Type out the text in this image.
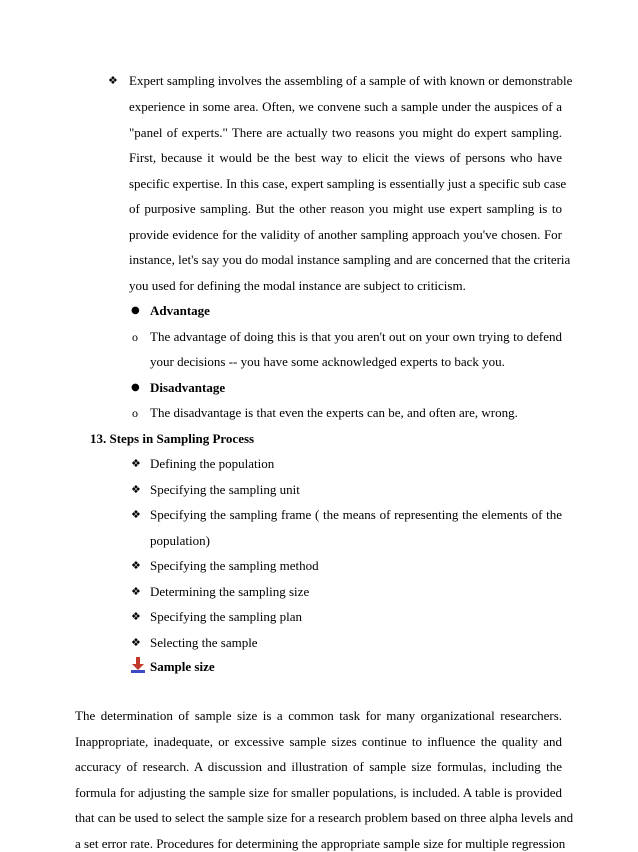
❖ Expert sampling involves the assembling of a sample of with known or demonstrable
experience in some area. Often, we convene such a sample under the auspices of a
"panel of experts." There are actually two reasons you might do expert sampling.
First, because it would be the best way to elicit the views of persons who have
specific expertise. In this case, expert sampling is essentially just a specific sub case
of purposive sampling. But the other reason you might use expert sampling is to
provide evidence for the validity of another sampling approach you've chosen. For
instance, let's say you do modal instance sampling and are concerned that the criteria
you used for defining the modal instance are subject to criticism.
● Advantage
o The advantage of doing this is that you aren't out on your own trying to defend
your decisions -- you have some acknowledged experts to back you.
● Disadvantage
o The disadvantage is that even the experts can be, and often are, wrong.
13. Steps in Sampling Process
❖ Defining the population
❖ Specifying the sampling unit
❖ Specifying the sampling frame ( the means of representing the elements of the
population)
❖ Specifying the sampling method
❖ Determining the sampling size
❖ Specifying the sampling plan
❖ Selecting the sample
Sample size
The determination of sample size is a common task for many organizational researchers.
Inappropriate, inadequate, or excessive sample sizes continue to influence the quality and
accuracy of research. A discussion and illustration of sample size formulas, including the
formula for adjusting the sample size for smaller populations, is included. A table is provided
that can be used to select the sample size for a research problem based on three alpha levels and
a set error rate. Procedures for determining the appropriate sample size for multiple regression
